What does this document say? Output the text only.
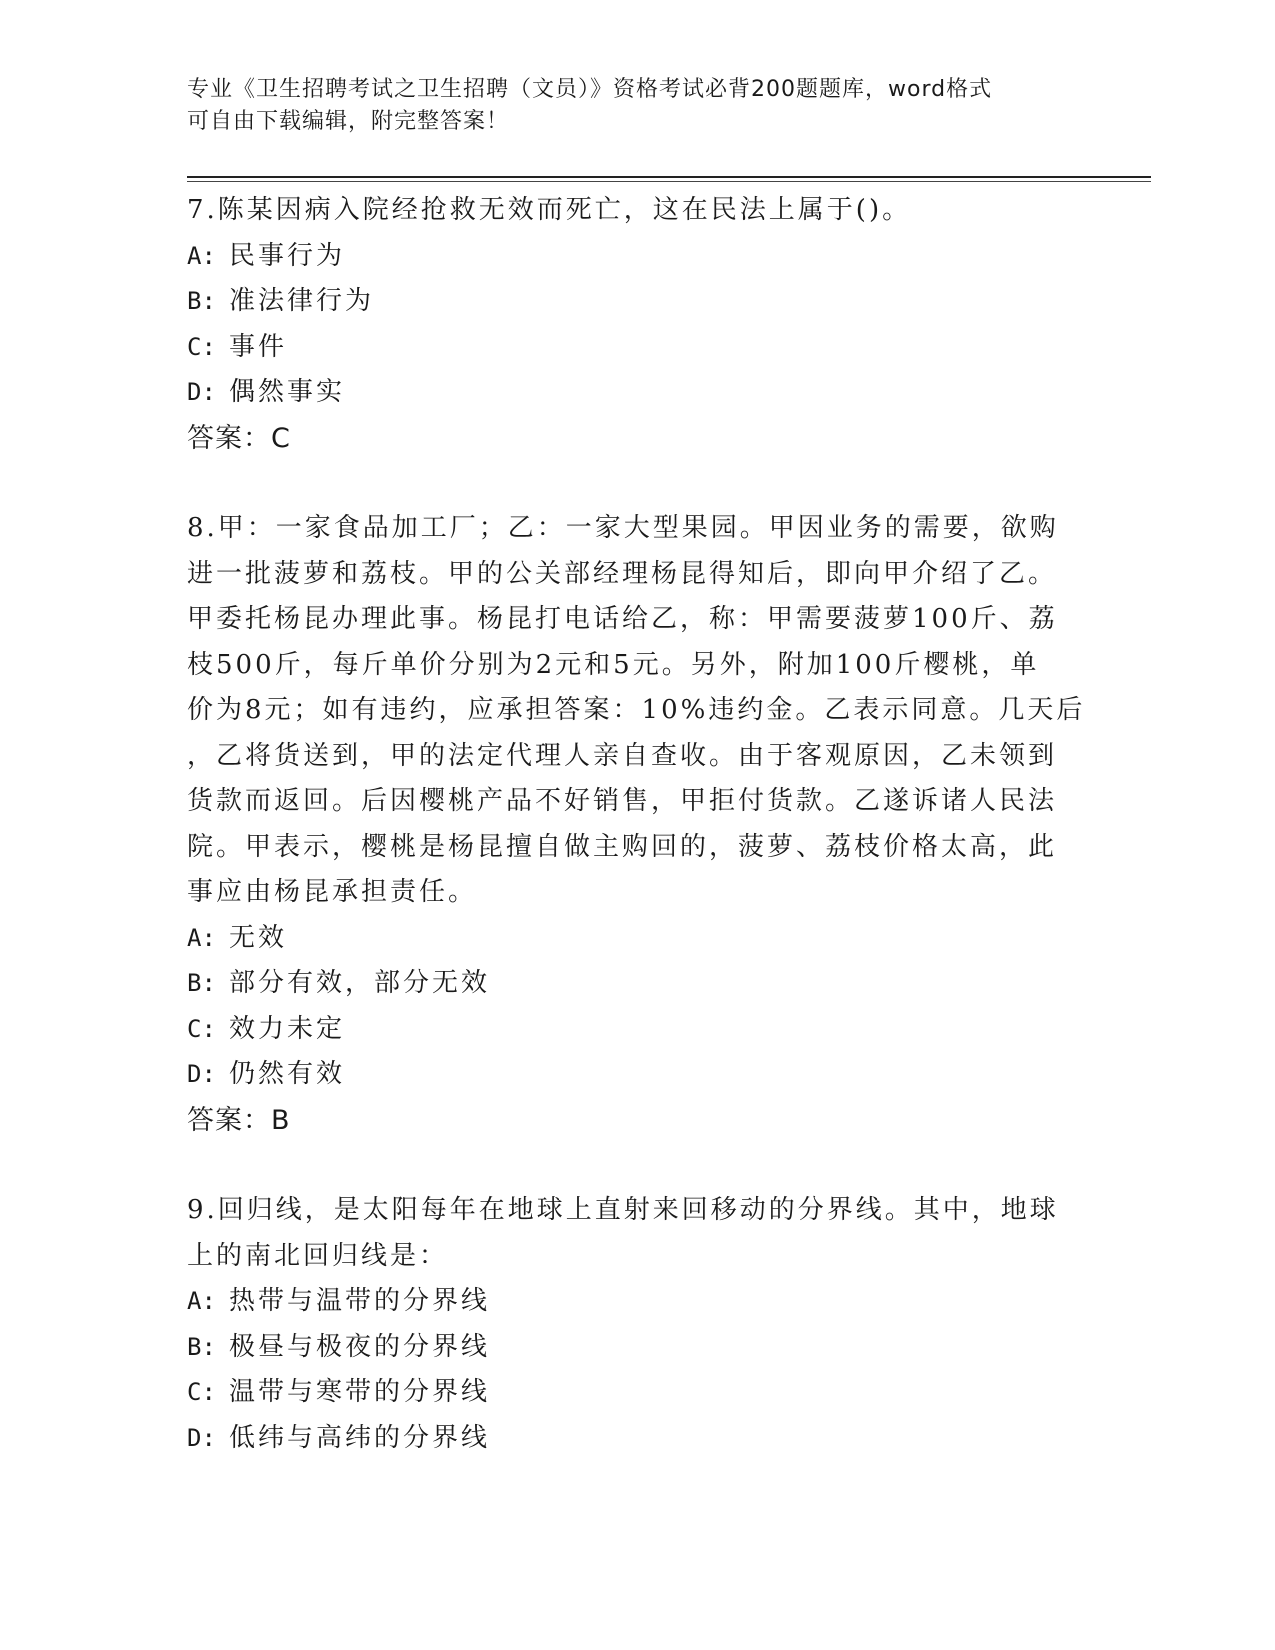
专业《卫生招聘考试之卫生招聘（文员）》资格考试必背200题题库，word格式
可自由下载编辑，附完整答案！

7.陈某因病入院经抢救无效而死亡，这在民法上属于()。

A: 民事行为

B: 准法律行为

C: 事件

D: 偶然事实

答案：C

8.甲：一家食品加工厂；乙：一家大型果园。甲因业务的需要，欲购

进一批菠萝和荔枝。甲的公关部经理杨昆得知后，即向甲介绍了乙。

甲委托杨昆办理此事。杨昆打电话给乙，称：甲需要菠萝100斤、荔

枝500斤，每斤单价分别为2元和5元。另外，附加100斤樱桃，单

价为8元；如有违约，应承担答案：10%违约金。乙表示同意。几天后

，乙将货送到，甲的法定代理人亲自查收。由于客观原因，乙未领到

货款而返回。后因樱桃产品不好销售，甲拒付货款。乙遂诉诸人民法

院。甲表示，樱桃是杨昆擅自做主购回的，菠萝、荔枝价格太高，此

事应由杨昆承担责任。

A: 无效

B: 部分有效，部分无效

C: 效力未定

D: 仍然有效

答案：B

9.回归线，是太阳每年在地球上直射来回移动的分界线。其中，地球

上的南北回归线是：

A: 热带与温带的分界线

B: 极昼与极夜的分界线

C: 温带与寒带的分界线

D: 低纬与高纬的分界线
